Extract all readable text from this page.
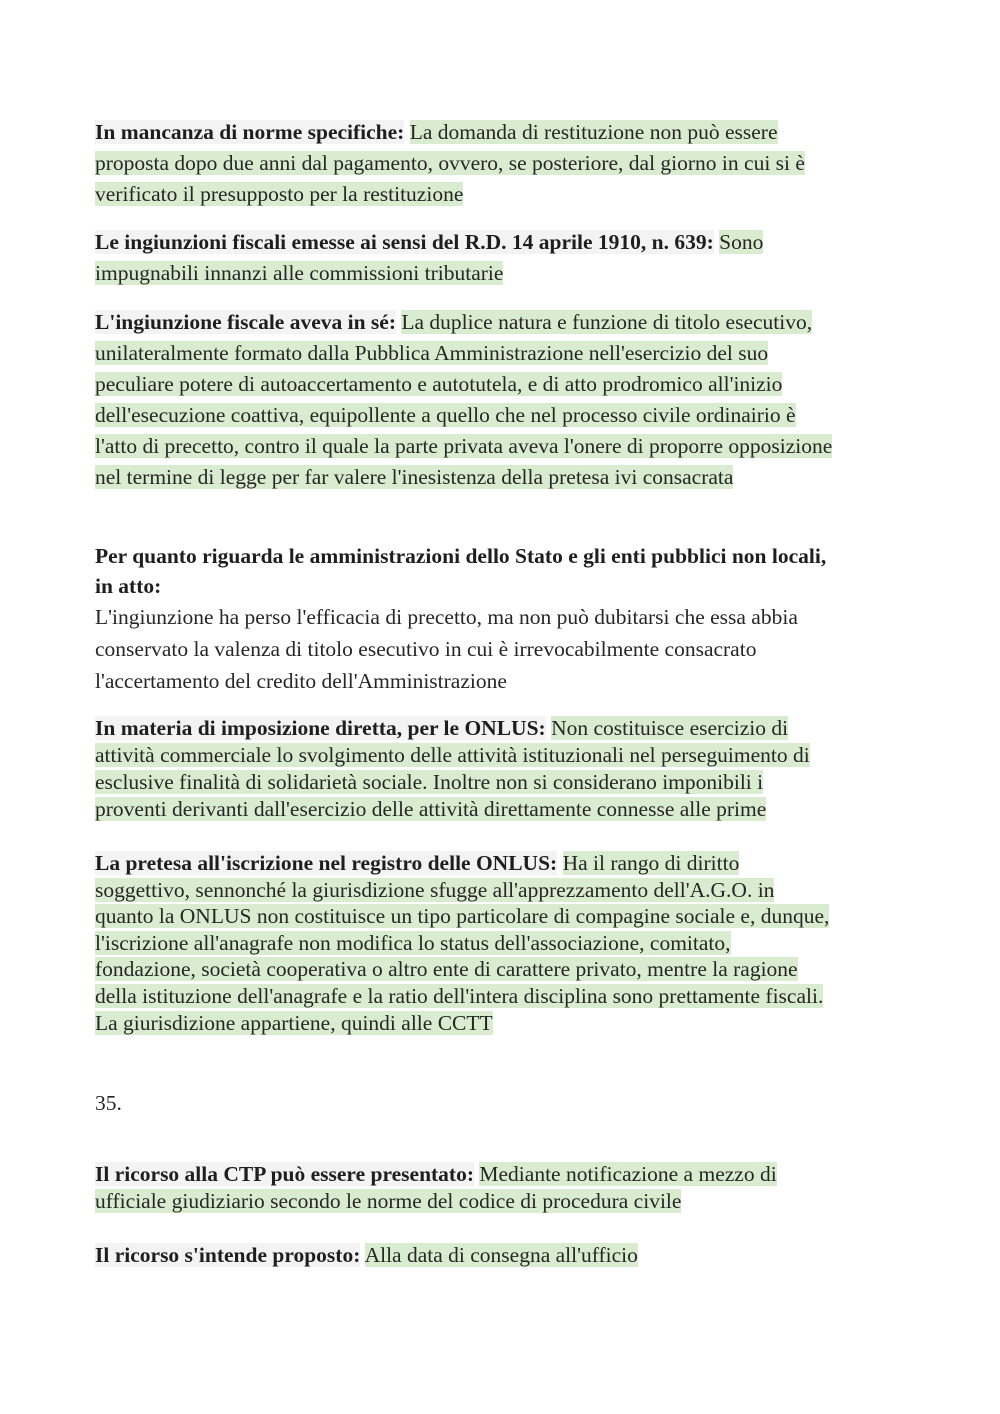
In mancanza di norme specifiche: La domanda di restituzione non può essere
proposta dopo due anni dal pagamento, ovvero, se posteriore, dal giorno in cui si è
verificato il presupposto per la restituzione
Le ingiunzioni fiscali emesse ai sensi del R.D. 14 aprile 1910, n. 639: Sono
impugnabili innanzi alle commissioni tributarie
L'ingiunzione fiscale aveva in sé: La duplice natura e funzione di titolo esecutivo,
unilateralmente formato dalla Pubblica Amministrazione nell'esercizio del suo
peculiare potere di autoaccertamento e autotutela, e di atto prodromico all'inizio
dell'esecuzione coattiva, equipollente a quello che nel processo civile ordinairio è
l'atto di precetto, contro il quale la parte privata aveva l'onere di proporre opposizione
nel termine di legge per far valere l'inesistenza della pretesa ivi consacrata
Per quanto riguarda le amministrazioni dello Stato e gli enti pubblici non locali,
in atto:
L'ingiunzione ha perso l'efficacia di precetto, ma non può dubitarsi che essa abbia
conservato la valenza di titolo esecutivo in cui è irrevocabilmente consacrato
l'accertamento del credito dell'Amministrazione
In materia di imposizione diretta, per le ONLUS: Non costituisce esercizio di
attività commerciale lo svolgimento delle attività istituzionali nel perseguimento di
esclusive finalità di solidarietà sociale. Inoltre non si considerano imponibili i
proventi derivanti dall'esercizio delle attività direttamente connesse alle prime
La pretesa all'iscrizione nel registro delle ONLUS: Ha il rango di diritto
soggettivo, sennonché la giurisdizione sfugge all'apprezzamento dell'A.G.O. in
quanto la ONLUS non costituisce un tipo particolare di compagine sociale e, dunque,
l'iscrizione all'anagrafe non modifica lo status dell'associazione, comitato,
fondazione, società cooperativa o altro ente di carattere privato, mentre la ragione
della istituzione dell'anagrafe e la ratio dell'intera disciplina sono prettamente fiscali.
La giurisdizione appartiene, quindi alle CCTT
35.
Il ricorso alla CTP può essere presentato: Mediante notificazione a mezzo di
ufficiale giudiziario secondo le norme del codice di procedura civile
Il ricorso s'intende proposto: Alla data di consegna all'ufficio
